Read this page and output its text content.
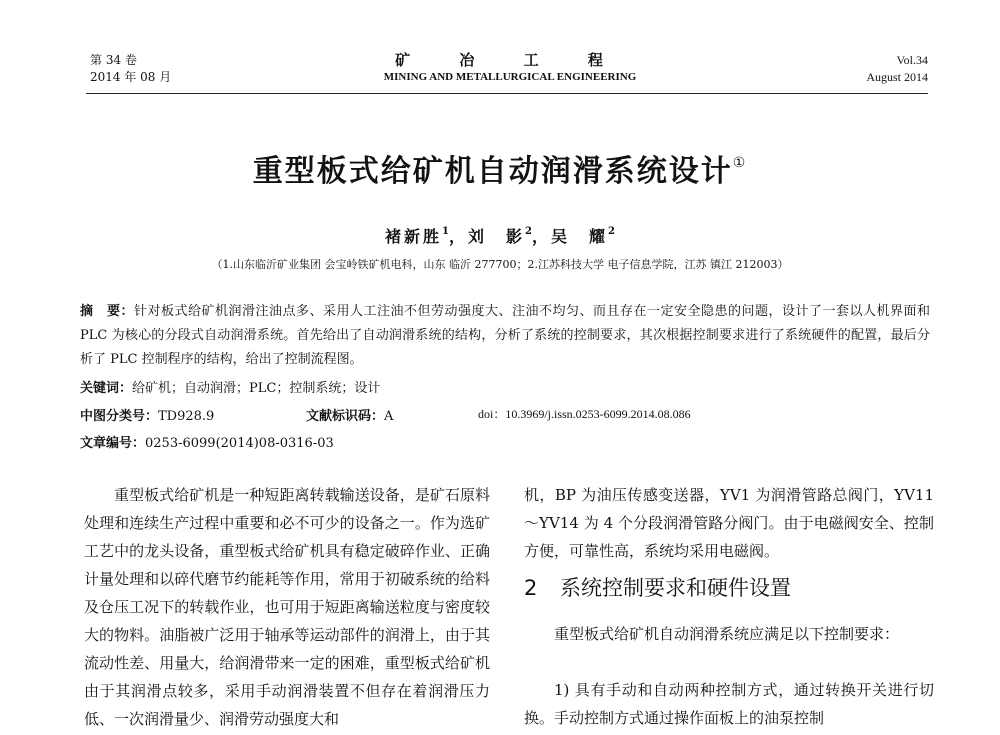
第 34 卷
2014 年 08 月
矿 冶 工 程
MINING AND METALLURGICAL ENGINEERING
Vol.34
August 2014
重型板式给矿机自动润滑系统设计①
褚新胜$^1$，刘　影$^2$，吴　耀$^2$
（1.山东临沂矿业集团 会宝岭铁矿机电科，山东 临沂 277700；2.江苏科技大学 电子信息学院，江苏 镇江 212003）
摘　要：针对板式给矿机润滑注油点多、采用人工注油不但劳动强度大、注油不均匀、而且存在一定安全隐患的问题，设计了一套以人机界面和 PLC 为核心的分段式自动润滑系统。首先给出了自动润滑系统的结构，分析了系统的控制要求，其次根据控制要求进行了系统硬件的配置，最后分析了 PLC 控制程序的结构，给出了控制流程图。
关键词：给矿机；自动润滑；PLC；控制系统；设计
中图分类号：TD928.9	文献标识码：A	doi：10.3969/j.issn.0253-6099.2014.08.086
文章编号：0253-6099(2014)08-0316-03
重型板式给矿机是一种短距离转载输送设备，是矿石原料处理和连续生产过程中重要和必不可少的设备之一。作为选矿工艺中的龙头设备，重型板式给矿机具有稳定破碎作业、正确计量处理和以碎代磨节约能耗等作用，常用于初破系统的给料及仓压工况下的转载作业，也可用于短距离输送粒度与密度较大的物料。油脂被广泛用于轴承等运动部件的润滑上，由于其流动性差、用量大，给润滑带来一定的困难，重型板式给矿机由于其润滑点较多，采用手动润滑装置不但存在着润滑压力低、一次润滑量少、润滑劳动强度大和
机，BP 为油压传感变送器，YV1 为润滑管路总阀门，YV11～YV14 为 4 个分段润滑管路分阀门。由于电磁阀安全、控制方便，可靠性高，系统均采用电磁阀。
2 系统控制要求和硬件设置
重型板式给矿机自动润滑系统应满足以下控制要求：
1) 具有手动和自动两种控制方式，通过转换开关进行切换。手动控制方式通过操作面板上的油泵控制
